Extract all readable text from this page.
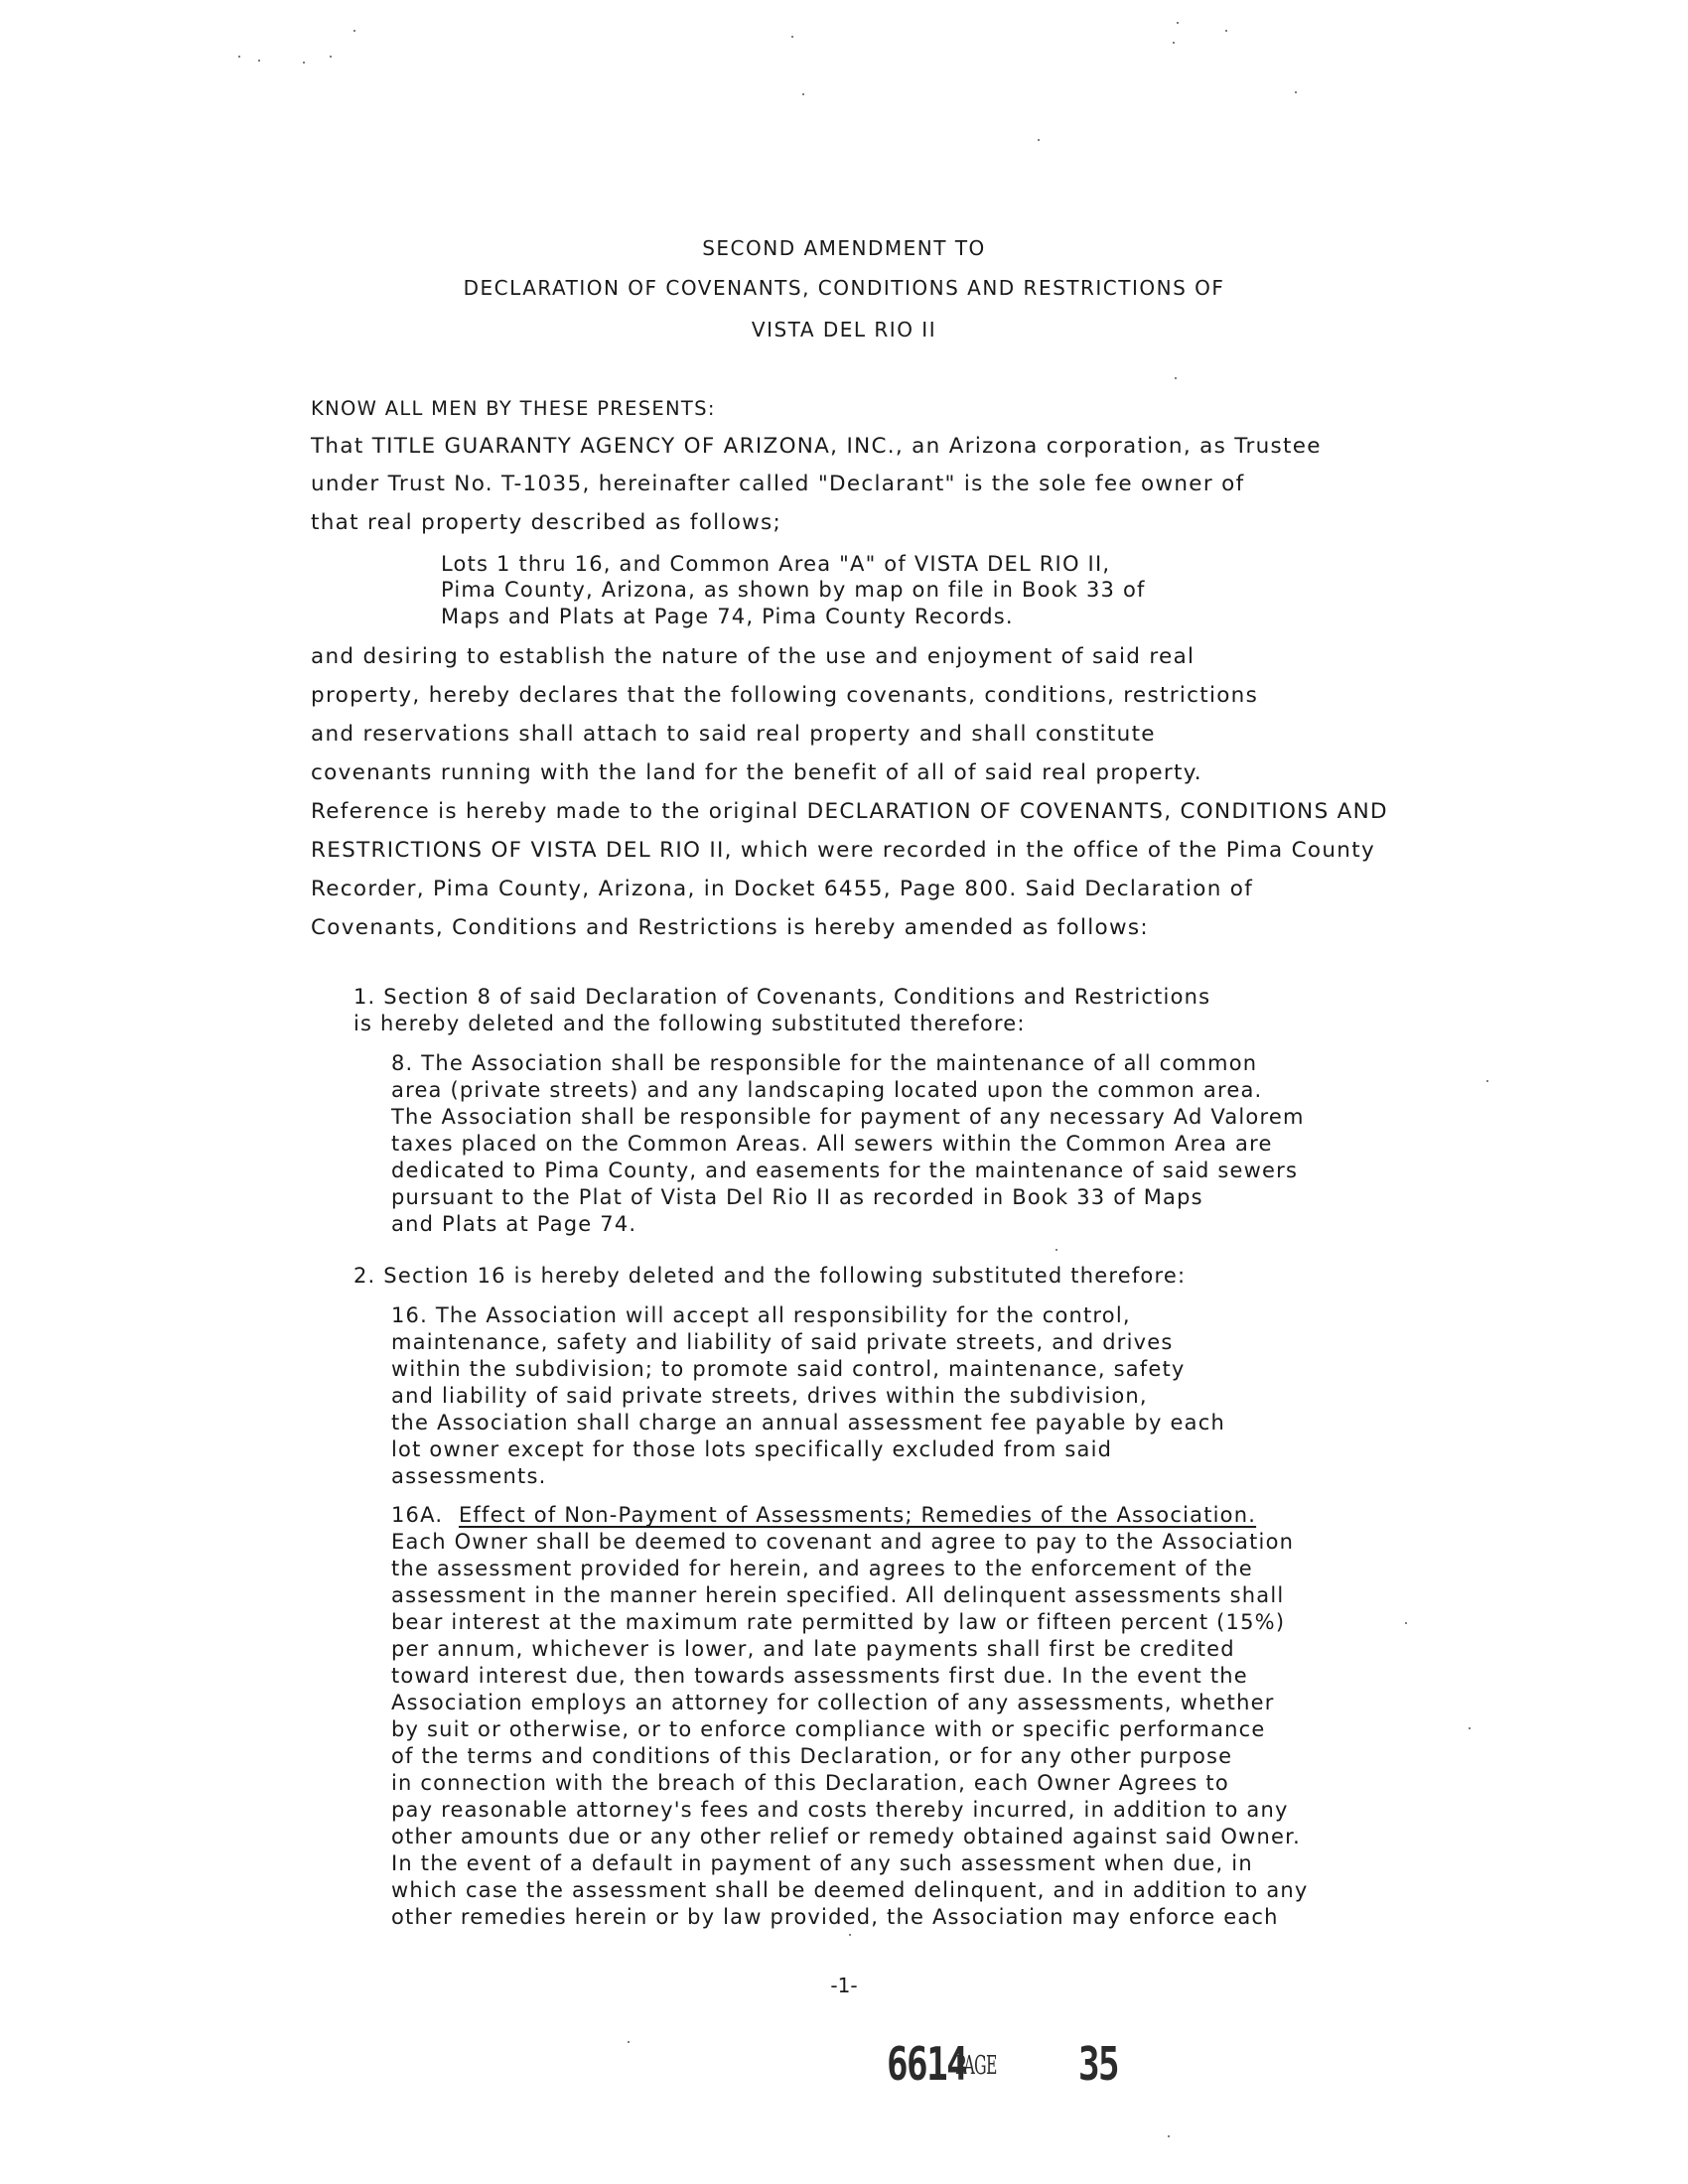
SECOND AMENDMENT TO
DECLARATION OF COVENANTS, CONDITIONS AND RESTRICTIONS OF
VISTA DEL RIO II
KNOW ALL MEN BY THESE PRESENTS:
That TITLE GUARANTY AGENCY OF ARIZONA, INC., an Arizona corporation, as Trustee
under Trust No. T-1035, hereinafter called "Declarant" is the sole fee owner of
that real property described as follows;
Lots 1 thru 16, and Common Area "A" of VISTA DEL RIO II,
Pima County, Arizona, as shown by map on file in Book 33 of
Maps and Plats at Page 74, Pima County Records.
and desiring to establish the nature of the use and enjoyment of said real
property, hereby declares that the following covenants, conditions, restrictions
and reservations shall attach to said real property and shall constitute
covenants running with the land for the benefit of all of said real property.
Reference is hereby made to the original DECLARATION OF COVENANTS, CONDITIONS AND
RESTRICTIONS OF VISTA DEL RIO II, which were recorded in the office of the Pima County
Recorder, Pima County, Arizona, in Docket 6455, Page 800. Said Declaration of
Covenants, Conditions and Restrictions is hereby amended as follows:
1. Section 8 of said Declaration of Covenants, Conditions and Restrictions
is hereby deleted and the following substituted therefore:
8. The Association shall be responsible for the maintenance of all common
area (private streets) and any landscaping located upon the common area.
The Association shall be responsible for payment of any necessary Ad Valorem
taxes placed on the Common Areas. All sewers within the Common Area are
dedicated to Pima County, and easements for the maintenance of said sewers
pursuant to the Plat of Vista Del Rio II as recorded in Book 33 of Maps
and Plats at Page 74.
2. Section 16 is hereby deleted and the following substituted therefore:
16. The Association will accept all responsibility for the control,
maintenance, safety and liability of said private streets, and drives
within the subdivision; to promote said control, maintenance, safety
and liability of said private streets, drives within the subdivision,
the Association shall charge an annual assessment fee payable by each
lot owner except for those lots specifically excluded from said
assessments.
16A. Effect of Non-Payment of Assessments; Remedies of the Association.
Each Owner shall be deemed to covenant and agree to pay to the Association
the assessment provided for herein, and agrees to the enforcement of the
assessment in the manner herein specified. All delinquent assessments shall
bear interest at the maximum rate permitted by law or fifteen percent (15%)
per annum, whichever is lower, and late payments shall first be credited
toward interest due, then towards assessments first due. In the event the
Association employs an attorney for collection of any assessments, whether
by suit or otherwise, or to enforce compliance with or specific performance
of the terms and conditions of this Declaration, or for any other purpose
in connection with the breach of this Declaration, each Owner Agrees to
pay reasonable attorney's fees and costs thereby incurred, in addition to any
other amounts due or any other relief or remedy obtained against said Owner.
In the event of a default in payment of any such assessment when due, in
which case the assessment shall be deemed delinquent, and in addition to any
other remedies herein or by law provided, the Association may enforce each
-1-
6614
PAGE 35
